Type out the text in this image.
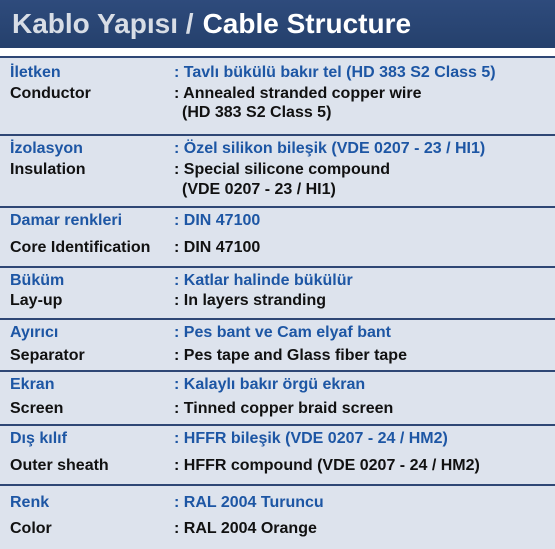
Kablo Yapısı / Cable Structure
İletken	: Tavlı bükülü bakır tel (HD 383 S2 Class 5)
Conductor	: Annealed stranded copper wire
(HD 383 S2 Class 5)
İzolasyon	: Özel silikon bileşik (VDE 0207 - 23 / HI1)
Insulation	: Special silicone compound
(VDE 0207 - 23 / HI1)
Damar renkleri	: DIN 47100
Core Identification : DIN 47100
Büküm	: Katlar halinde bükülür
Lay-up	: In layers stranding
Ayırıcı	: Pes bant ve Cam elyaf bant
Separator	: Pes tape and Glass fiber tape
Ekran	: Kalaylı bakır örgü ekran
Screen	: Tinned copper braid screen
Dış kılıf	: HFFR bileşik (VDE 0207 - 24 / HM2)
Outer sheath	: HFFR compound (VDE 0207 - 24 / HM2)
Renk	: RAL 2004 Turuncu
Color	: RAL 2004 Orange
